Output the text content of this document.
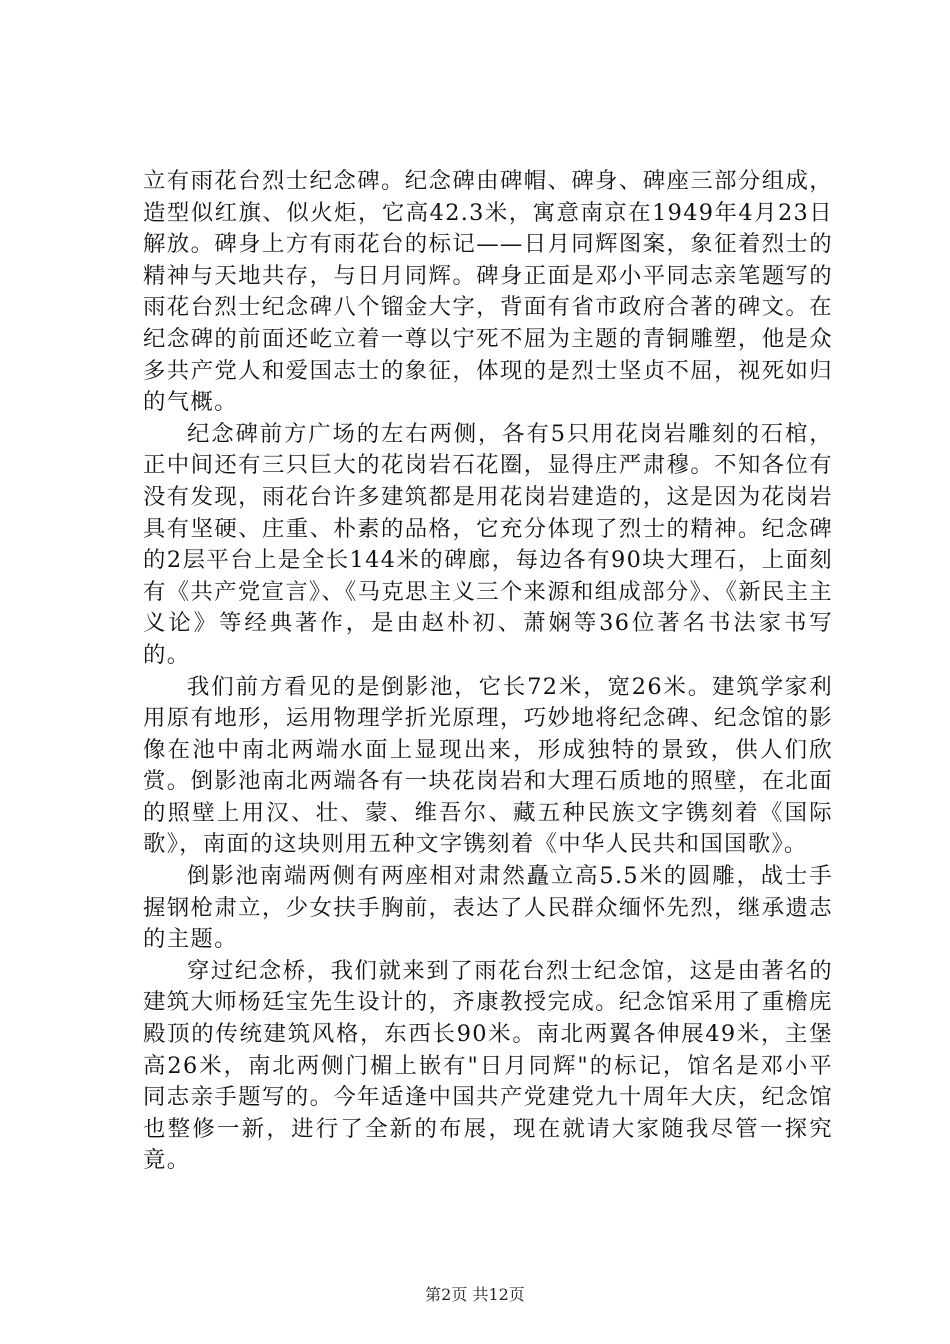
立有雨花台烈士纪念碑。纪念碑由碑帽、碑身、碑座三部分组成，造型似红旗、似火炬，它高42.3米，寓意南京在1949年4月23日解放。碑身上方有雨花台的标记——日月同辉图案，象征着烈士的精神与天地共存，与日月同辉。碑身正面是邓小平同志亲笔题写的雨花台烈士纪念碑八个镏金大字，背面有省市政府合著的碑文。在纪念碑的前面还屹立着一尊以宁死不屈为主题的青铜雕塑，他是众多共产党人和爱国志士的象征，体现的是烈士坚贞不屈，视死如归的气概。

纪念碑前方广场的左右两侧，各有5只用花岗岩雕刻的石棺，正中间还有三只巨大的花岗岩石花圈，显得庄严肃穆。不知各位有没有发现，雨花台许多建筑都是用花岗岩建造的，这是因为花岗岩具有坚硬、庄重、朴素的品格，它充分体现了烈士的精神。纪念碑的2层平台上是全长144米的碑廊，每边各有90块大理石，上面刻有《共产党宣言》、《马克思主义三个来源和组成部分》、《新民主主义论》等经典著作，是由赵朴初、萧娴等36位著名书法家书写的。

我们前方看见的是倒影池，它长72米，宽26米。建筑学家利用原有地形，运用物理学折光原理，巧妙地将纪念碑、纪念馆的影像在池中南北两端水面上显现出来，形成独特的景致，供人们欣赏。倒影池南北两端各有一块花岗岩和大理石质地的照壁，在北面的照壁上用汉、壮、蒙、维吾尔、藏五种民族文字镌刻着《国际歌》，南面的这块则用五种文字镌刻着《中华人民共和国国歌》。

倒影池南端两侧有两座相对肃然矗立高5.5米的圆雕，战士手握钢枪肃立，少女扶手胸前，表达了人民群众缅怀先烈，继承遗志的主题。

穿过纪念桥，我们就来到了雨花台烈士纪念馆，这是由著名的建筑大师杨廷宝先生设计的，齐康教授完成。纪念馆采用了重檐庑殿顶的传统建筑风格，东西长90米。南北两翼各伸展49米，主堡高26米，南北两侧门楣上嵌有"日月同辉"的标记，馆名是邓小平同志亲手题写的。今年适逢中国共产党建党九十周年大庆，纪念馆也整修一新，进行了全新的布展，现在就请大家随我尽管一探究竟。

第2页 共12页
